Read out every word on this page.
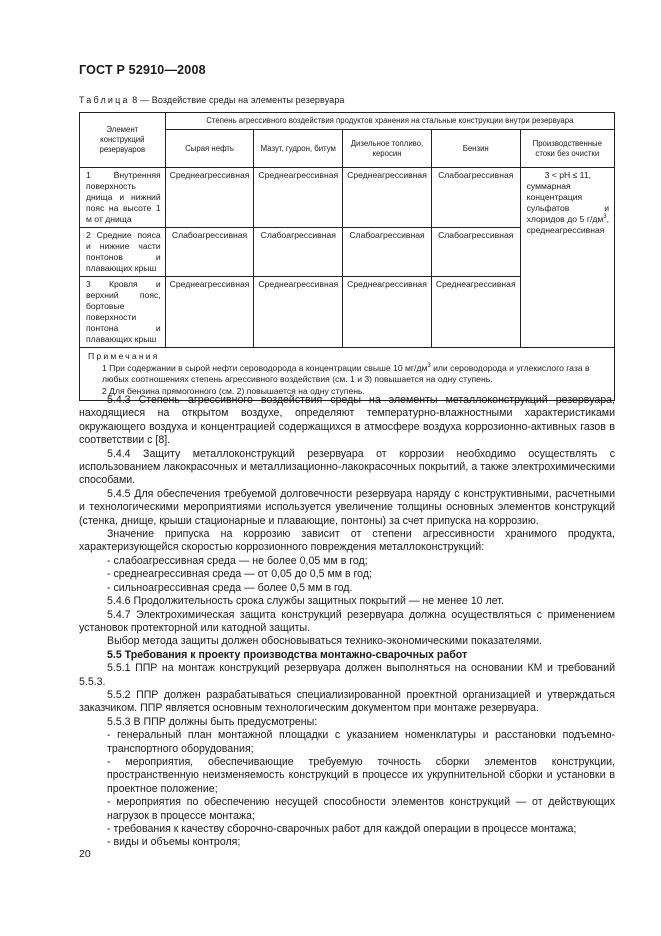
ГОСТ Р 52910—2008
Таблица 8 — Воздействие среды на элементы резервуара
Элемент конструкций резервуаров	Степень агрессивного воздействия продуктов хранения на стальные конструкции внутри резервуара				
	Сырая нефть	Мазут, гудрон, битум	Дизельное топливо, керосин	Бензин	Производственные стоки без очистки
1 Внутренняя поверхность днища и нижний пояс на высоте 1 м от днища	Среднеагрессивная	Среднеагрессивная	Среднеагрессивная	Слабоагрессивная	3 < pH ≤ 11,
суммарная концентрация сульфатов и хлоридов до 5 $г/дм^3$, среднеагрессивная

2 Средние пояса и нижние части понтонов и плавающих крыш	Слабоагрессивная	Слабоагрессивная	Слабоагрессивная	Слабоагрессивная	
3 Кровля и верхний пояс, бортовые поверхности понтона и плавающих крыш	Среднеагрессивная	Среднеагрессивная	Среднеагрессивная	Среднеагрессивная	

Примечания
1 При содержании в сырой нефти сероводорода в концентрации свыше 10 $мг/дм^3$ или сероводорода и углекислого газа в любых соотношениях степень агрессивного воздействия (см. 1 и 3) повышается на одну ступень.
2 Для бензина прямогонного (см. 2) повышается на одну ступень.					

5.4.3 Степень агрессивного воздействия среды на элементы металлоконструкций резервуара, находящиеся на открытом воздухе, определяют температурно-влажностными характеристиками окружающего воздуха и концентрацией содержащихся в атмосфере воздуха коррозионно-активных газов в соответствии с [8].

5.4.4 Защиту металлоконструкций резервуара от коррозии необходимо осуществлять с использованием лакокрасочных и металлизационно-лакокрасочных покрытий, а также электрохимическими способами.

5.4.5 Для обеспечения требуемой долговечности резервуара наряду с конструктивными, расчетными и технологическими мероприятиями используется увеличение толщины основных элементов конструкций (стенка, днище, крыши стационарные и плавающие, понтоны) за счет припуска на коррозию.

Значение припуска на коррозию зависит от степени агрессивности хранимого продукта, характеризующейся скоростью коррозионного повреждения металлоконструкций:

- слабоагрессивная среда — не более 0,05 мм в год;

- среднеагрессивная среда — от 0,05 до 0,5 мм в год;

- сильноагрессивная среда — более 0,5 мм в год.

5.4.6 Продолжительность срока службы защитных покрытий — не менее 10 лет.

5.4.7 Электрохимическая защита конструкций резервуара должна осуществляться с применением установок протекторной или катодной защиты.

Выбор метода защиты должен обосновываться технико-экономическими показателями.

5.5 Требования к проекту производства монтажно-сварочных работ

5.5.1 ППР на монтаж конструкций резервуара должен выполняться на основании КМ и требований 5.5.3.

5.5.2 ППР должен разрабатываться специализированной проектной организацией и утверждаться заказчиком. ППР является основным технологическим документом при монтаже резервуара.

5.5.3 В ППР должны быть предусмотрены:

- генеральный план монтажной площадки с указанием номенклатуры и расстановки подъемно-транспортного оборудования;

- мероприятия, обеспечивающие требуемую точность сборки элементов конструкции, пространственную неизменяемость конструкций в процессе их укрупнительной сборки и установки в проектное положение;

- мероприятия по обеспечению несущей способности элементов конструкций — от действующих нагрузок в процессе монтажа;

- требования к качеству сборочно-сварочных работ для каждой операции в процессе монтажа;

- виды и объемы контроля;

20
